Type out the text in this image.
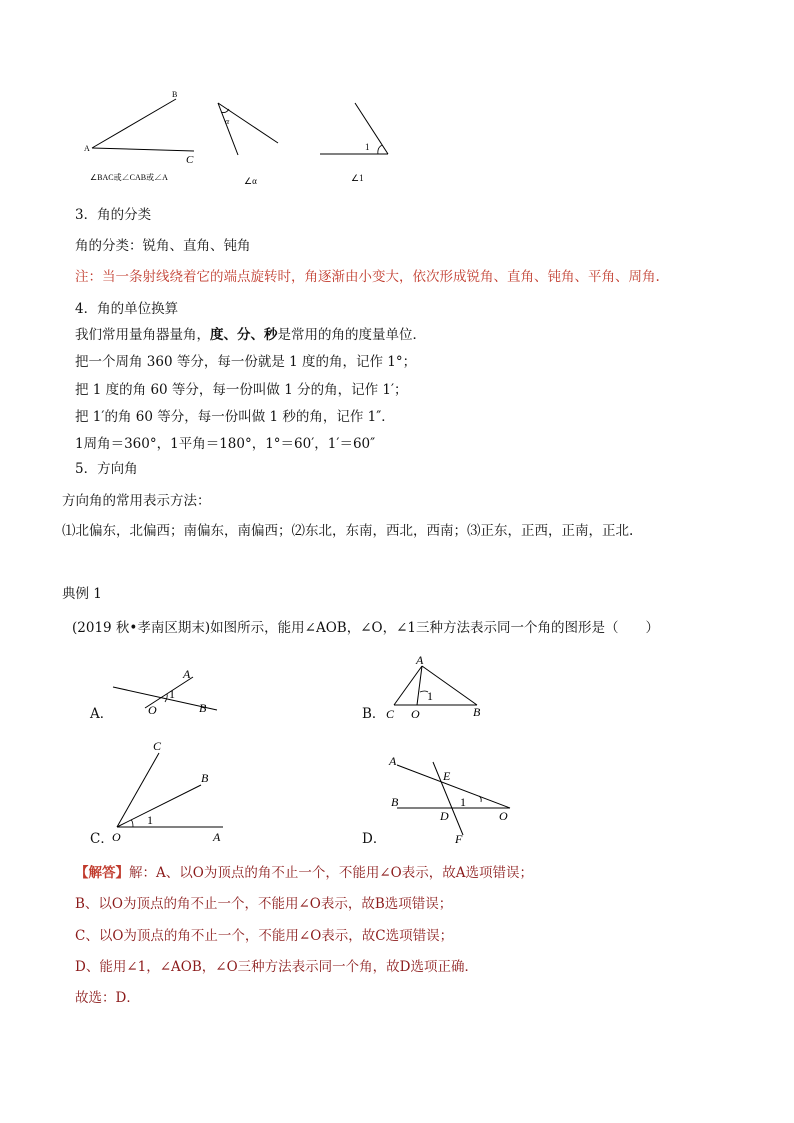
B
A
C
∠BAC或∠CAB或∠A
α
∠α
1
∠1
3．角的分类
角的分类：锐角、直角、钝角
注：当一条射线绕着它的端点旋转时，角逐渐由小变大，依次形成锐角、直角、钝角、平角、周角.
4．角的单位换算
我们常用量角器量角，度、分、秒是常用的角的度量单位．
把一个周角 360 等分，每一份就是 1 度的角，记作 1°；
把 1 度的角 60 等分，每一份叫做 1 分的角，记作 1′；
把 1′的角 60 等分，每一份叫做 1 秒的角，记作 1″．
1周角＝360°，1平角＝180°，1°＝60′，1′＝60″
5．方向角
方向角的常用表示方法：
⑴北偏东，北偏西；南偏东，南偏西；⑵东北，东南，西北，西南；⑶正东，正西，正南，正北.
典例 1
(2019 秋•孝南区期末)如图所示，能用∠AOB，∠O，∠1三种方法表示同一个角的图形是（　　）
A．
A
1
O	B	B．
A
1
C O	B
C．
C
B
1
O	A	D．
A
E
B	1
D	O
F
【解答】解：A、以O为顶点的角不止一个，不能用∠O表示，故A选项错误；
B、以O为顶点的角不止一个，不能用∠O表示，故B选项错误；
C、以O为顶点的角不止一个，不能用∠O表示，故C选项错误；
D、能用∠1，∠AOB，∠O三种方法表示同一个角，故D选项正确．
故选：D．
